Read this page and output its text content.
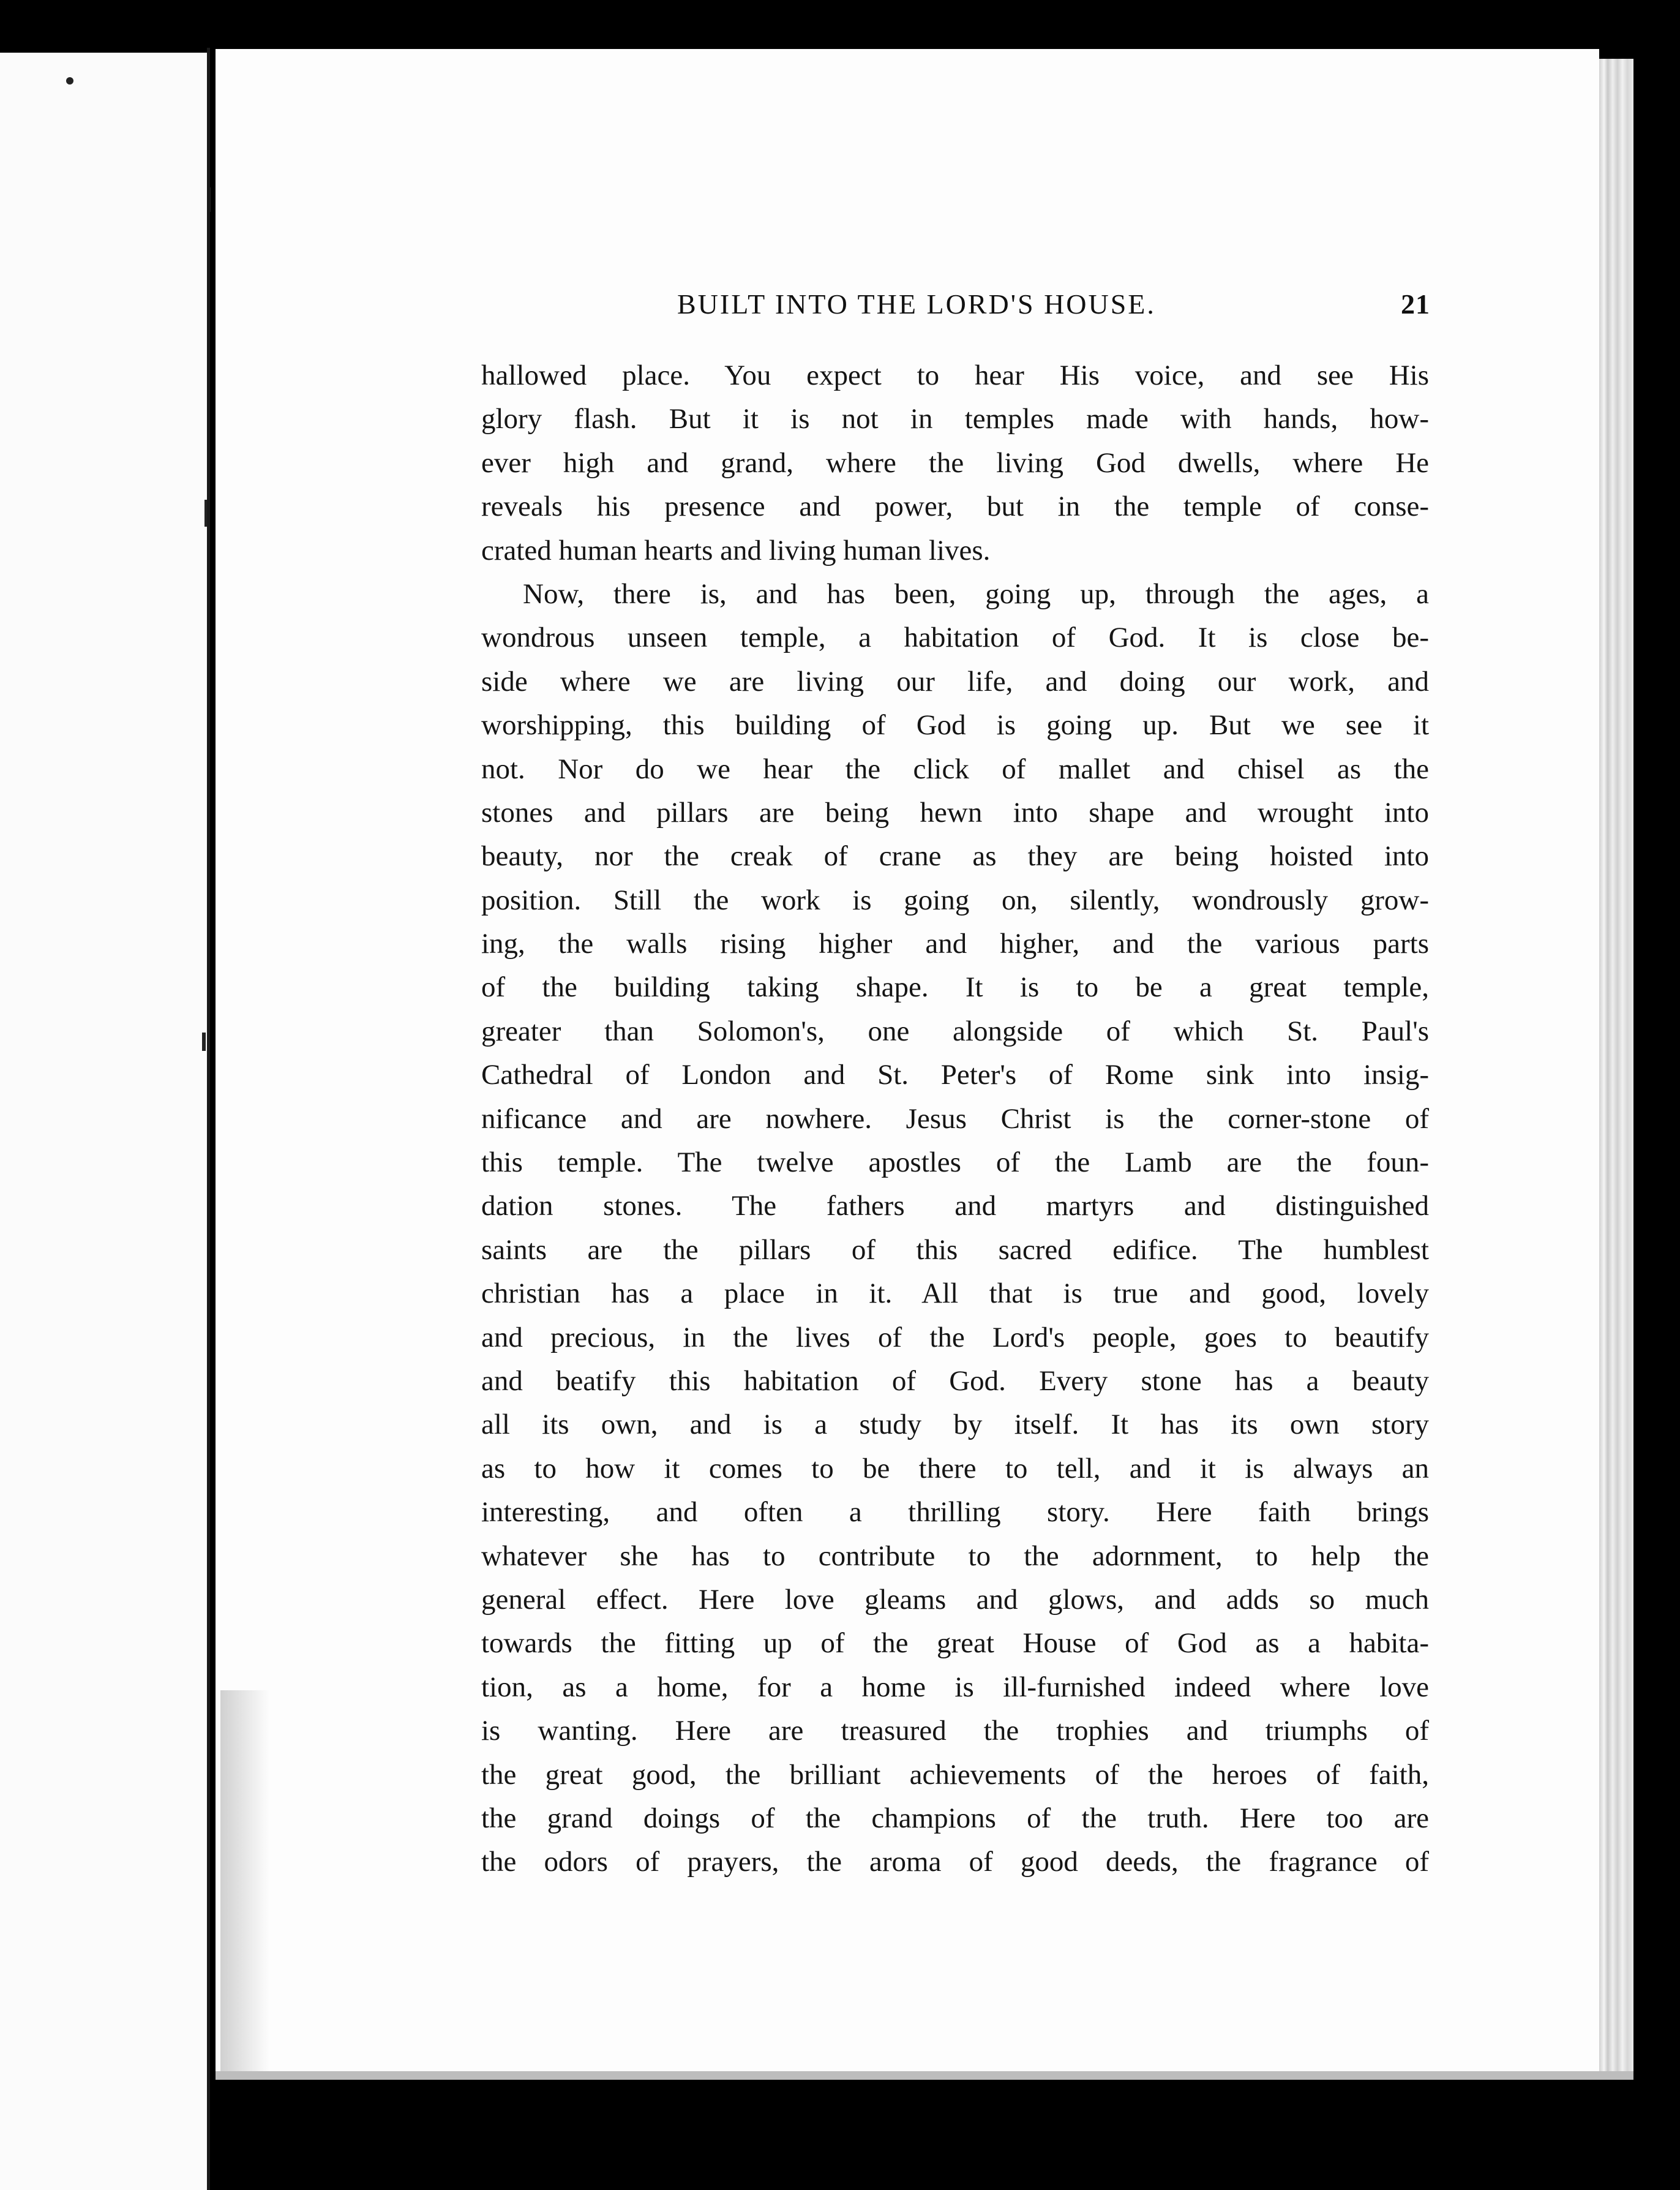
BUILT INTO THE LORD'S HOUSE.	21
hallowed place. You expect to hear His voice, and see His
glory flash. But it is not in temples made with hands, how-
ever high and grand, where the living God dwells, where He
reveals his presence and power, but in the temple of conse-
crated human hearts and living human lives.
Now, there is, and has been, going up, through the ages, a
wondrous unseen temple, a habitation of God. It is close be-
side where we are living our life, and doing our work, and
worshipping, this building of God is going up. But we see it
not. Nor do we hear the click of mallet and chisel as the
stones and pillars are being hewn into shape and wrought into
beauty, nor the creak of crane as they are being hoisted into
position. Still the work is going on, silently, wondrously grow-
ing, the walls rising higher and higher, and the various parts
of the building taking shape. It is to be a great temple,
greater than Solomon's, one alongside of which St. Paul's
Cathedral of London and St. Peter's of Rome sink into insig-
nificance and are nowhere. Jesus Christ is the corner-stone of
this temple. The twelve apostles of the Lamb are the foun-
dation stones. The fathers and martyrs and distinguished
saints are the pillars of this sacred edifice. The humblest
christian has a place in it. All that is true and good, lovely
and precious, in the lives of the Lord's people, goes to beautify
and beatify this habitation of God. Every stone has a beauty
all its own, and is a study by itself. It has its own story
as to how it comes to be there to tell, and it is always an
interesting, and often a thrilling story. Here faith brings
whatever she has to contribute to the adornment, to help the
general effect. Here love gleams and glows, and adds so much
towards the fitting up of the great House of God as a habita-
tion, as a home, for a home is ill-furnished indeed where love
is wanting. Here are treasured the trophies and triumphs of
the great good, the brilliant achievements of the heroes of faith,
the grand doings of the champions of the truth. Here too are
the odors of prayers, the aroma of good deeds, the fragrance of
